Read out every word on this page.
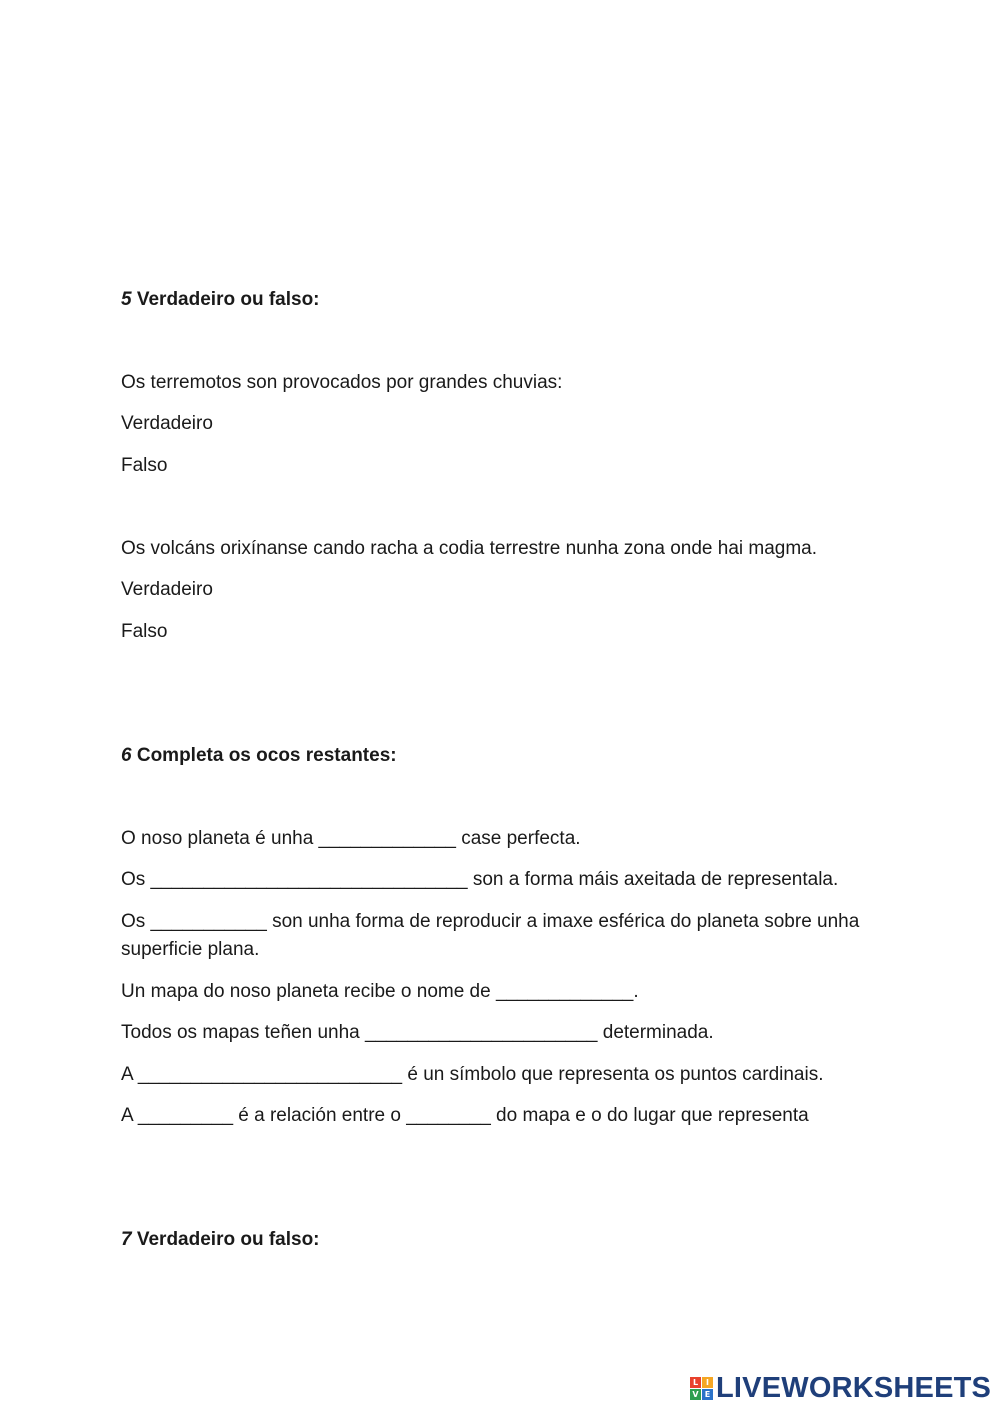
5 Verdadeiro ou falso:
Os terremotos son provocados por grandes chuvias:
Verdadeiro
Falso
Os volcáns orixínanse cando racha a codia terrestre nunha zona onde hai magma.
Verdadeiro
Falso
6 Completa os ocos restantes:
O noso planeta é unha _____________ case perfecta.
Os ______________________________ son a forma máis axeitada de representala.
Os ___________ son unha forma de reproducir a imaxe esférica do planeta sobre unha superficie plana.
Un mapa do noso planeta recibe o nome de _____________.
Todos os mapas teñen unha ______________________ determinada.
A _________________________ é un símbolo que representa os puntos cardinais.
A _________ é a relación entre o ________ do mapa e o do lugar que representa
7 Verdadeiro ou falso:
L I
V E LIVEWORKSHEETS
